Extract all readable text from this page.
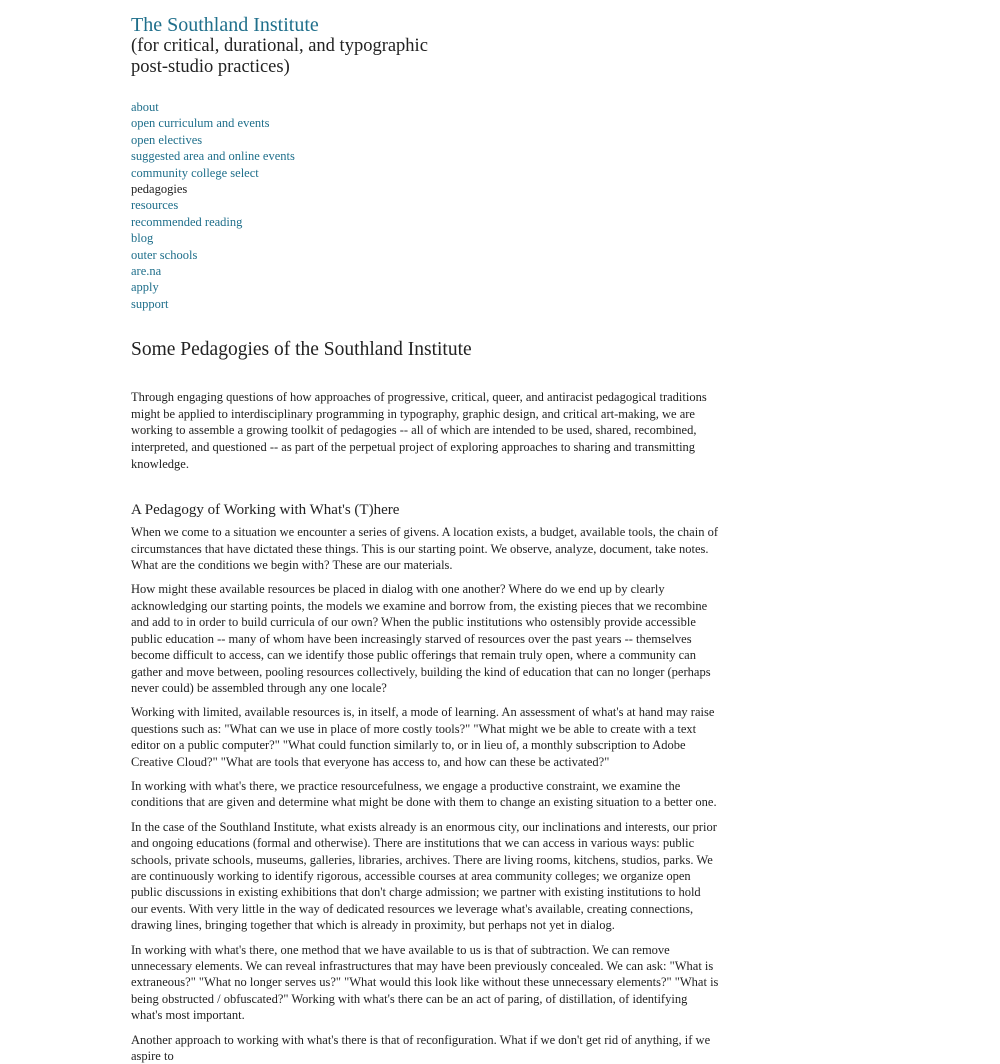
The Southland Institute
(for critical, durational, and typographic post-studio practices)
about
open curriculum and events
open electives
suggested area and online events
community college select
pedagogies
resources
recommended reading
blog
outer schools
are.na
apply
support
Some Pedagogies of the Southland Institute

Through engaging questions of how approaches of progressive, critical, queer, and antiracist pedagogical traditions might be applied to interdisciplinary programming in typography, graphic design, and critical art-making, we are working to assemble a growing toolkit of pedagogies -- all of which are intended to be used, shared, recombined, interpreted, and questioned -- as part of the perpetual project of exploring approaches to sharing and transmitting knowledge.

A Pedagogy of Working with What's (T)here

When we come to a situation we encounter a series of givens. A location exists, a budget, available tools, the chain of circumstances that have dictated these things. This is our starting point. We observe, analyze, document, take notes. What are the conditions we begin with? These are our materials.

How might these available resources be placed in dialog with one another? Where do we end up by clearly acknowledging our starting points, the models we examine and borrow from, the existing pieces that we recombine and add to in order to build curricula of our own? When the public institutions who ostensibly provide accessible public education -- many of whom have been increasingly starved of resources over the past years -- themselves become difficult to access, can we identify those public offerings that remain truly open, where a community can gather and move between, pooling resources collectively, building the kind of education that can no longer (perhaps never could) be assembled through any one locale?

Working with limited, available resources is, in itself, a mode of learning. An assessment of what's at hand may raise questions such as: "What can we use in place of more costly tools?" "What might we be able to create with a text editor on a public computer?" "What could function similarly to, or in lieu of, a monthly subscription to Adobe Creative Cloud?" "What are tools that everyone has access to, and how can these be activated?"

In working with what's there, we practice resourcefulness, we engage a productive constraint, we examine the conditions that are given and determine what might be done with them to change an existing situation to a better one.

In the case of the Southland Institute, what exists already is an enormous city, our inclinations and interests, our prior and ongoing educations (formal and otherwise). There are institutions that we can access in various ways: public schools, private schools, museums, galleries, libraries, archives. There are living rooms, kitchens, studios, parks. We are continuously working to identify rigorous, accessible courses at area community colleges; we organize open public discussions in existing exhibitions that don't charge admission; we partner with existing institutions to hold our events. With very little in the way of dedicated resources we leverage what's available, creating connections, drawing lines, bringing together that which is already in proximity, but perhaps not yet in dialog.

In working with what's there, one method that we have available to us is that of subtraction. We can remove unnecessary elements. We can reveal infrastructures that may have been previously concealed. We can ask: "What is extraneous?" "What no longer serves us?" "What would this look like without these unnecessary elements?" "What is being obstructed / obfuscated?" Working with what's there can be an act of paring, of distillation, of identifying what's most important.

Another approach to working with what's there is that of reconfiguration. What if we don't get rid of anything, if we aspire to
